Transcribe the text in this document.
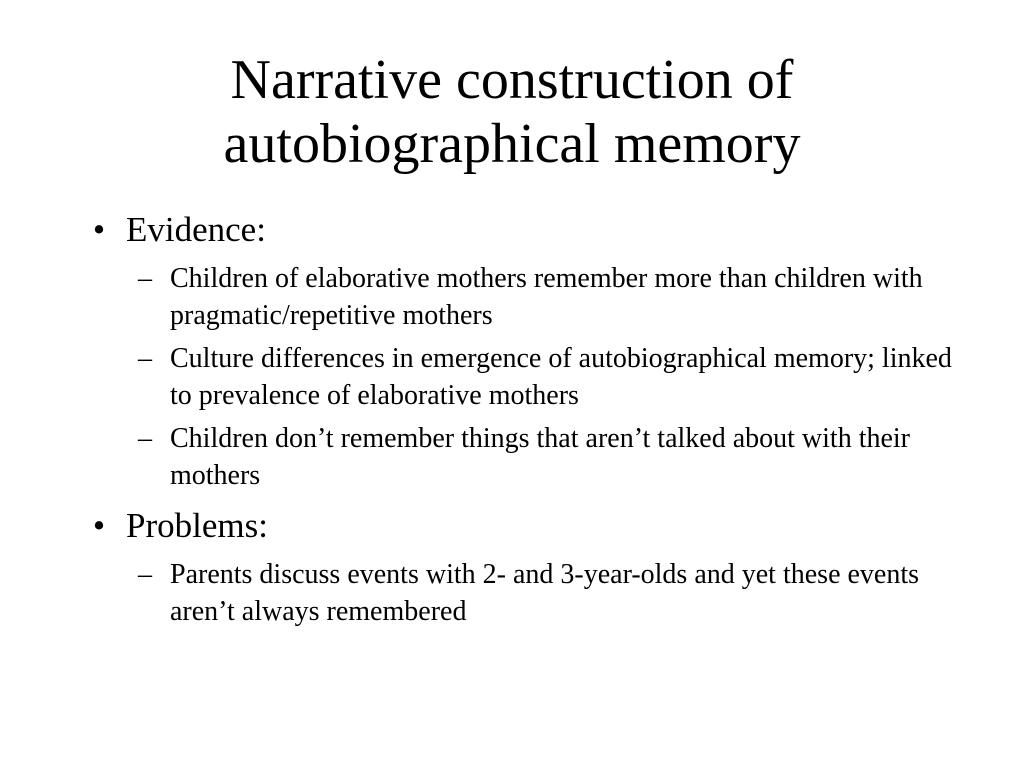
Narrative construction of
autobiographical memory
• Evidence:
– Children of elaborative mothers remember more than children with pragmatic/repetitive mothers
– Culture differences in emergence of autobiographical memory; linked to prevalence of elaborative mothers
– Children don’t remember things that aren’t talked about with their mothers
• Problems:
– Parents discuss events with 2- and 3-year-olds and yet these events aren’t always remembered
